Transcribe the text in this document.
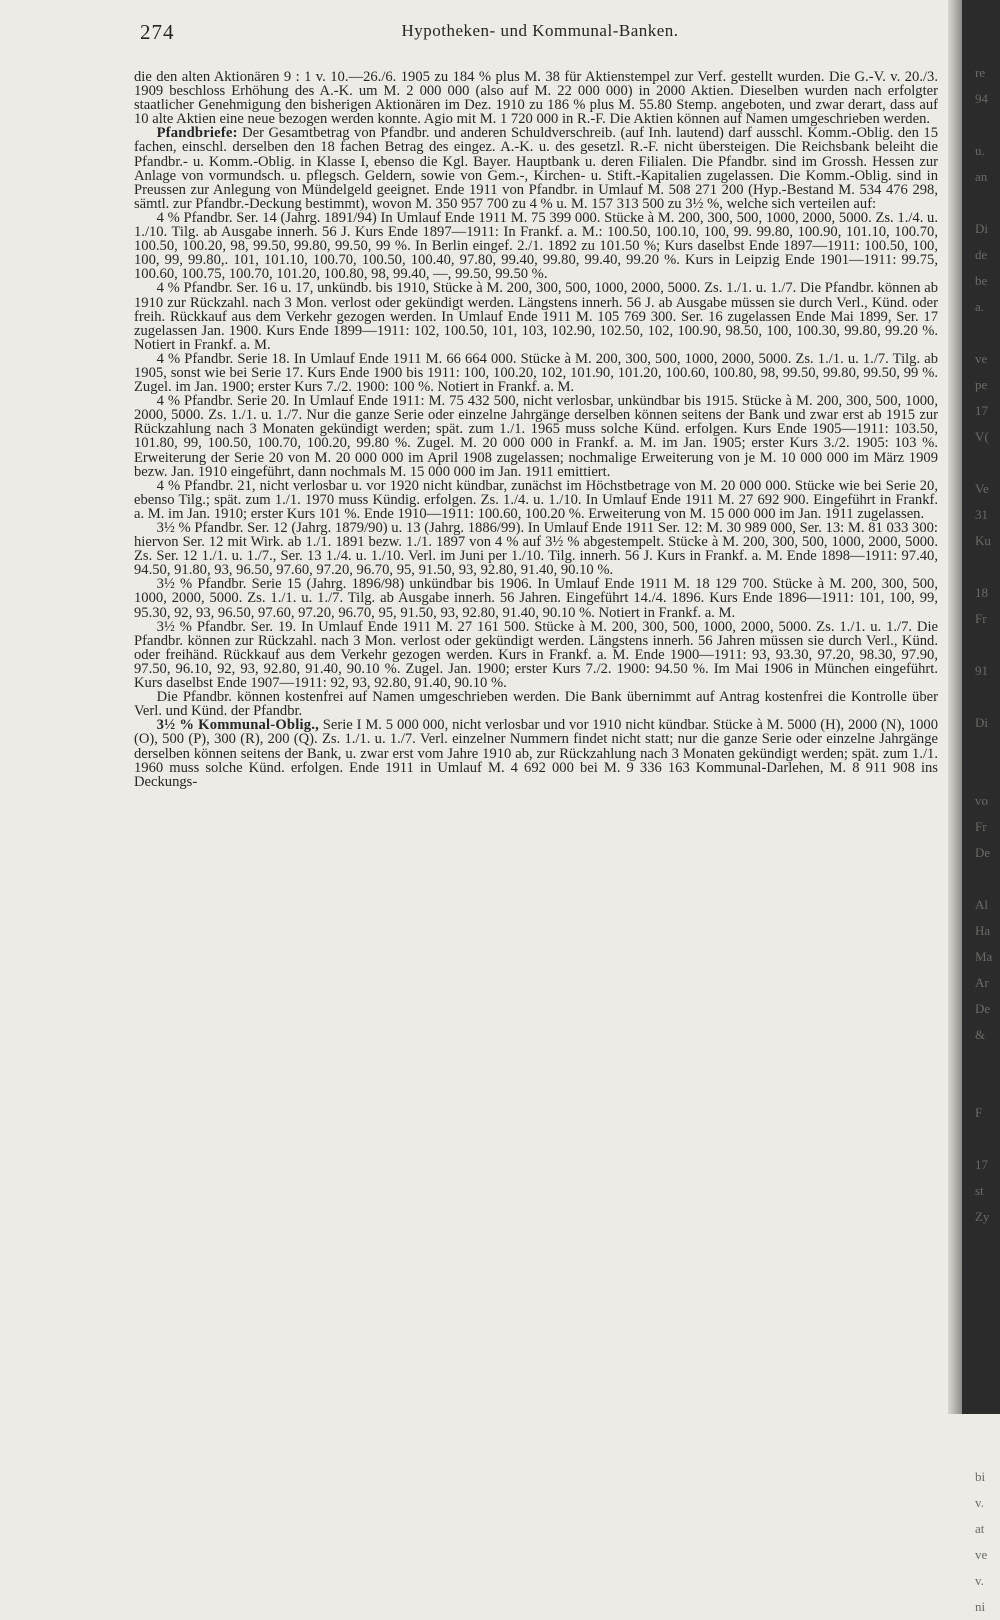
274	Hypotheken- und Kommunal-Banken.

die den alten Aktionären 9 : 1 v. 10.—26./6. 1905 zu 184 % plus M. 38 für Aktienstempel zur Verf. gestellt wurden. Die G.-V. v. 20./3. 1909 beschloss Erhöhung des A.-K. um M. 2 000 000 (also auf M. 22 000 000) in 2000 Aktien. Dieselben wurden nach erfolgter staatlicher Genehmigung den bisherigen Aktionären im Dez. 1910 zu 186 % plus M. 55.80 Stemp. angeboten, und zwar derart, dass auf 10 alte Aktien eine neue bezogen werden konnte. Agio mit M. 1 720 000 in R.-F. Die Aktien können auf Namen umgeschrieben werden.

Pfandbriefe: Der Gesamtbetrag von Pfandbr. und anderen Schuldverschreib. (auf Inh. lautend) darf ausschl. Komm.-Oblig. den 15 fachen, einschl. derselben den 18 fachen Betrag des eingez. A.-K. u. des gesetzl. R.-F. nicht übersteigen. Die Reichsbank beleiht die Pfandbr.- u. Komm.-Oblig. in Klasse I, ebenso die Kgl. Bayer. Hauptbank u. deren Filialen. Die Pfandbr. sind im Grossh. Hessen zur Anlage von vormundsch. u. pflegsch. Geldern, sowie von Gem.-, Kirchen- u. Stift.-Kapitalien zugelassen. Die Komm.-Oblig. sind in Preussen zur Anlegung von Mündelgeld geeignet. Ende 1911 von Pfandbr. in Umlauf M. 508 271 200 (Hyp.-Bestand M. 534 476 298, sämtl. zur Pfandbr.-Deckung bestimmt), wovon M. 350 957 700 zu 4 % u. M. 157 313 500 zu 3½ %, welche sich verteilen auf:

4 % Pfandbr. Ser. 14 (Jahrg. 1891/94) In Umlauf Ende 1911 M. 75 399 000. Stücke à M. 200, 300, 500, 1000, 2000, 5000. Zs. 1./4. u. 1./10. Tilg. ab Ausgabe innerh. 56 J. Kurs Ende 1897—1911: In Frankf. a. M.: 100.50, 100.10, 100, 99. 99.80, 100.90, 101.10, 100.70, 100.50, 100.20, 98, 99.50, 99.80, 99.50, 99 %. In Berlin eingef. 2./1. 1892 zu 101.50 %; Kurs daselbst Ende 1897—1911: 100.50, 100, 100, 99, 99.80,. 101, 101.10, 100.70, 100.50, 100.40, 97.80, 99.40, 99.80, 99.40, 99.20 %. Kurs in Leipzig Ende 1901—1911: 99.75, 100.60, 100.75, 100.70, 101.20, 100.80, 98, 99.40, —, 99.50, 99.50 %.

4 % Pfandbr. Ser. 16 u. 17, unkündb. bis 1910, Stücke à M. 200, 300, 500, 1000, 2000, 5000. Zs. 1./1. u. 1./7. Die Pfandbr. können ab 1910 zur Rückzahl. nach 3 Mon. verlost oder gekündigt werden. Längstens innerh. 56 J. ab Ausgabe müssen sie durch Verl., Künd. oder freih. Rückkauf aus dem Verkehr gezogen werden. In Umlauf Ende 1911 M. 105 769 300. Ser. 16 zugelassen Ende Mai 1899, Ser. 17 zugelassen Jan. 1900. Kurs Ende 1899—1911: 102, 100.50, 101, 103, 102.90, 102.50, 102, 100.90, 98.50, 100, 100.30, 99.80, 99.20 %. Notiert in Frankf. a. M.

4 % Pfandbr. Serie 18. In Umlauf Ende 1911 M. 66 664 000. Stücke à M. 200, 300, 500, 1000, 2000, 5000. Zs. 1./1. u. 1./7. Tilg. ab 1905, sonst wie bei Serie 17. Kurs Ende 1900 bis 1911: 100, 100.20, 102, 101.90, 101.20, 100.60, 100.80, 98, 99.50, 99.80, 99.50, 99 %. Zugel. im Jan. 1900; erster Kurs 7./2. 1900: 100 %. Notiert in Frankf. a. M.

4 % Pfandbr. Serie 20. In Umlauf Ende 1911: M. 75 432 500, nicht verlosbar, unkündbar bis 1915. Stücke à M. 200, 300, 500, 1000, 2000, 5000. Zs. 1./1. u. 1./7. Nur die ganze Serie oder einzelne Jahrgänge derselben können seitens der Bank und zwar erst ab 1915 zur Rückzahlung nach 3 Monaten gekündigt werden; spät. zum 1./1. 1965 muss solche Künd. erfolgen. Kurs Ende 1905—1911: 103.50, 101.80, 99, 100.50, 100.70, 100.20, 99.80 %. Zugel. M. 20 000 000 in Frankf. a. M. im Jan. 1905; erster Kurs 3./2. 1905: 103 %. Erweiterung der Serie 20 von M. 20 000 000 im April 1908 zugelassen; nochmalige Erweiterung von je M. 10 000 000 im März 1909 bezw. Jan. 1910 eingeführt, dann nochmals M. 15 000 000 im Jan. 1911 emittiert.

4 % Pfandbr. 21, nicht verlosbar u. vor 1920 nicht kündbar, zunächst im Höchstbetrage von M. 20 000 000. Stücke wie bei Serie 20, ebenso Tilg.; spät. zum 1./1. 1970 muss Kündig. erfolgen. Zs. 1./4. u. 1./10. In Umlauf Ende 1911 M. 27 692 900. Eingeführt in Frankf. a. M. im Jan. 1910; erster Kurs 101 %. Ende 1910—1911: 100.60, 100.20 %. Erweiterung von M. 15 000 000 im Jan. 1911 zugelassen.

3½ % Pfandbr. Ser. 12 (Jahrg. 1879/90) u. 13 (Jahrg. 1886/99). In Umlauf Ende 1911 Ser. 12: M. 30 989 000, Ser. 13: M. 81 033 300: hiervon Ser. 12 mit Wirk. ab 1./1. 1891 bezw. 1./1. 1897 von 4 % auf 3½ % abgestempelt. Stücke à M. 200, 300, 500, 1000, 2000, 5000. Zs. Ser. 12 1./1. u. 1./7., Ser. 13 1./4. u. 1./10. Verl. im Juni per 1./10. Tilg. innerh. 56 J. Kurs in Frankf. a. M. Ende 1898—1911: 97.40, 94.50, 91.80, 93, 96.50, 97.60, 97.20, 96.70, 95, 91.50, 93, 92.80, 91.40, 90.10 %.

3½ % Pfandbr. Serie 15 (Jahrg. 1896/98) unkündbar bis 1906. In Umlauf Ende 1911 M. 18 129 700. Stücke à M. 200, 300, 500, 1000, 2000, 5000. Zs. 1./1. u. 1./7. Tilg. ab Ausgabe innerh. 56 Jahren. Eingeführt 14./4. 1896. Kurs Ende 1896—1911: 101, 100, 99, 95.30, 92, 93, 96.50, 97.60, 97.20, 96.70, 95, 91.50, 93, 92.80, 91.40, 90.10 %. Notiert in Frankf. a. M.

3½ % Pfandbr. Ser. 19. In Umlauf Ende 1911 M. 27 161 500. Stücke à M. 200, 300, 500, 1000, 2000, 5000. Zs. 1./1. u. 1./7. Die Pfandbr. können zur Rückzahl. nach 3 Mon. verlost oder gekündigt werden. Längstens innerh. 56 Jahren müssen sie durch Verl., Künd. oder freihänd. Rückkauf aus dem Verkehr gezogen werden. Kurs in Frankf. a. M. Ende 1900—1911: 93, 93.30, 97.20, 98.30, 97.90, 97.50, 96.10, 92, 93, 92.80, 91.40, 90.10 %. Zugel. Jan. 1900; erster Kurs 7./2. 1900: 94.50 %. Im Mai 1906 in München eingeführt. Kurs daselbst Ende 1907—1911: 92, 93, 92.80, 91.40, 90.10 %.

Die Pfandbr. können kostenfrei auf Namen umgeschrieben werden. Die Bank übernimmt auf Antrag kostenfrei die Kontrolle über Verl. und Künd. der Pfandbr.

3½ % Kommunal-Oblig., Serie I M. 5 000 000, nicht verlosbar und vor 1910 nicht kündbar. Stücke à M. 5000 (H), 2000 (N), 1000 (O), 500 (P), 300 (R), 200 (Q). Zs. 1./1. u. 1./7. Verl. einzelner Nummern findet nicht statt; nur die ganze Serie oder einzelne Jahrgänge derselben können seitens der Bank, u. zwar erst vom Jahre 1910 ab, zur Rückzahlung nach 3 Monaten gekündigt werden; spät. zum 1./1. 1960 muss solche Künd. erfolgen. Ende 1911 in Umlauf M. 4 692 000 bei M. 9 336 163 Kommunal-Darlehen, M. 8 911 908 ins Deckungs-

re
94

u.
an

Di
de
be
a.

ve
pe
17
V(

Ve
31
Ku

18
Fr

91

Di

vo
Fr
De

Al
Ha
Ma
Ar
De
&

F

17
st
Zy

bi
v.
at
ve
v.
ni
